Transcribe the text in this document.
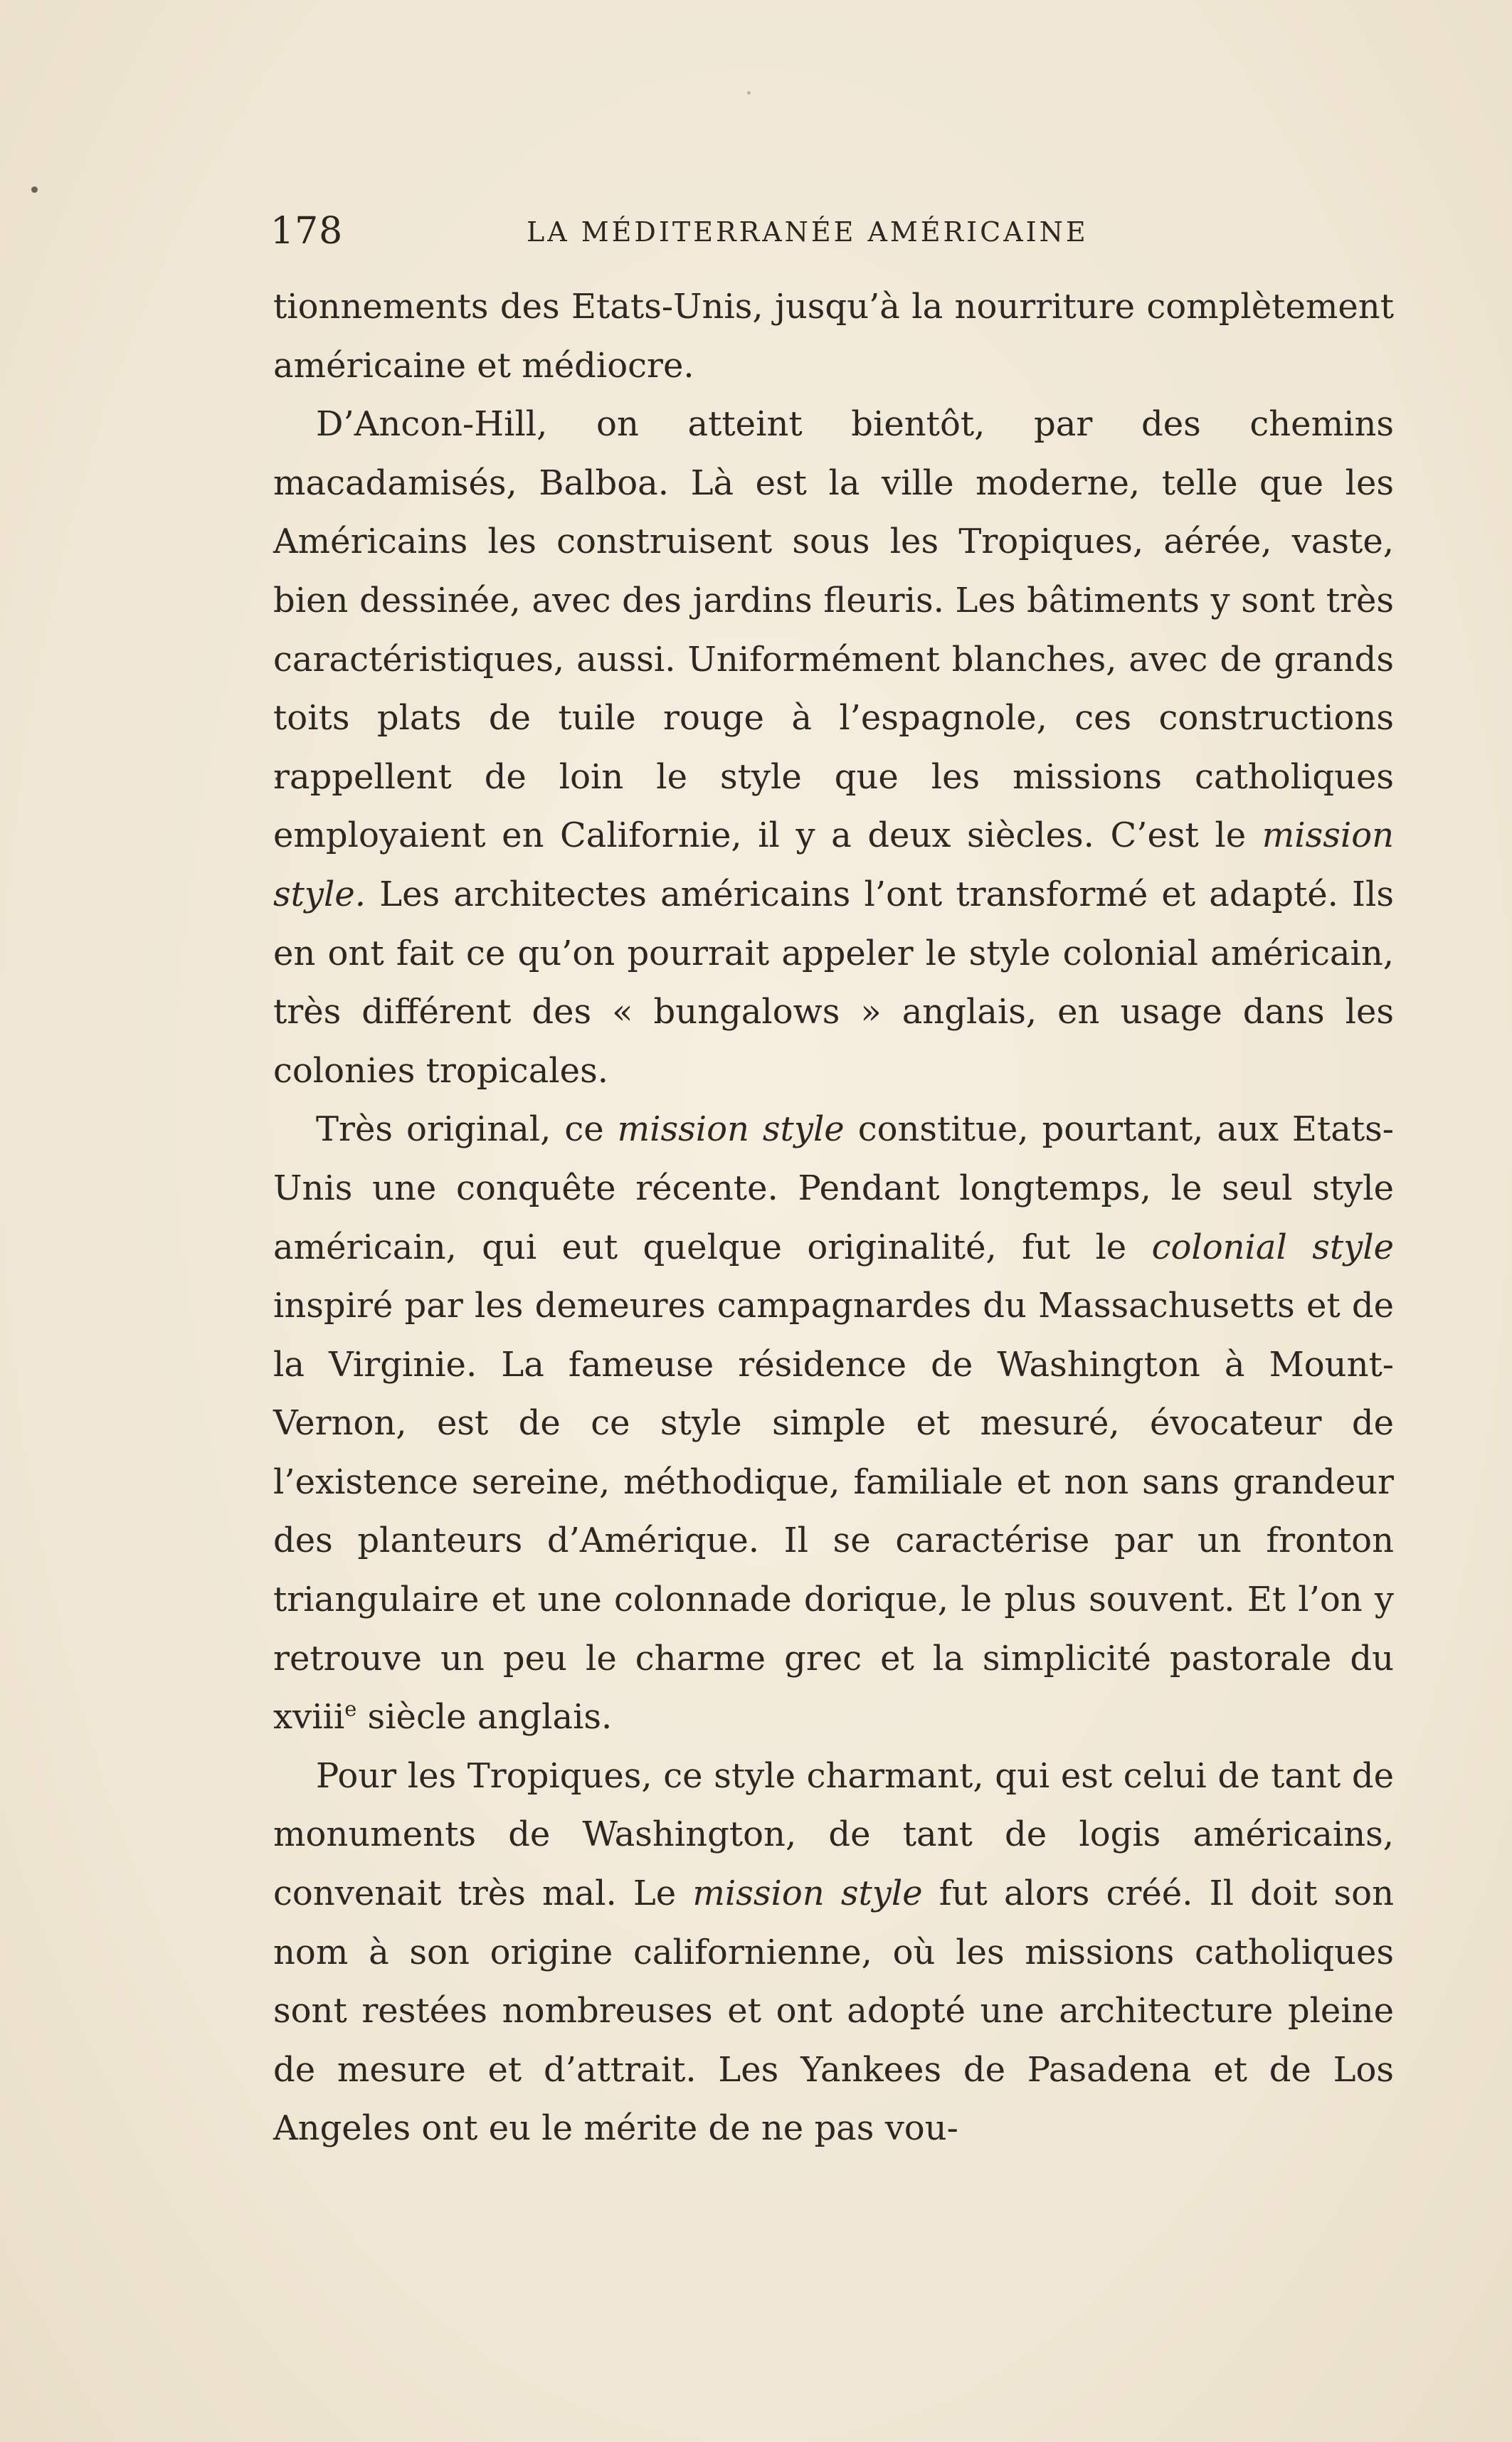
178	LA MÉDITERRANÉE AMÉRICAINE

tionnements des Etats-Unis, jusqu’à la nourriture complètement américaine et médiocre.

D’Ancon-Hill, on atteint bientôt, par des chemins macadamisés, Balboa. Là est la ville moderne, telle que les Américains les construisent sous les Tropiques, aérée, vaste, bien dessinée, avec des jardins fleuris. Les bâtiments y sont très caractéristiques, aussi. Uniformément blanches, avec de grands toits plats de tuile rouge à l’espagnole, ces constructions rappellent de loin le style que les missions catholiques employaient en Californie, il y a deux siècles. C’est le mission style. Les architectes américains l’ont transformé et adapté. Ils en ont fait ce qu’on pourrait appeler le style colonial américain, très différent des « bungalows » anglais, en usage dans les colonies tropicales.

Très original, ce mission style constitue, pourtant, aux Etats-Unis une conquête récente. Pendant longtemps, le seul style américain, qui eut quelque originalité, fut le colonial style inspiré par les demeures campagnardes du Massachusetts et de la Virginie. La fameuse résidence de Washington à Mount-Vernon, est de ce style simple et mesuré, évocateur de l’existence sereine, méthodique, familiale et non sans grandeur des planteurs d’Amérique. Il se caractérise par un fronton triangulaire et une colonnade dorique, le plus souvent. Et l’on y retrouve un peu le charme grec et la simplicité pastorale du xviii$^e$ siècle anglais.

Pour les Tropiques, ce style charmant, qui est celui de tant de monuments de Washington, de tant de logis américains, convenait très mal. Le mission style fut alors créé. Il doit son nom à son origine californienne, où les missions catholiques sont restées nombreuses et ont adopté une architecture pleine de mesure et d’attrait. Les Yankees de Pasadena et de Los Angeles ont eu le mérite de ne pas vou-
